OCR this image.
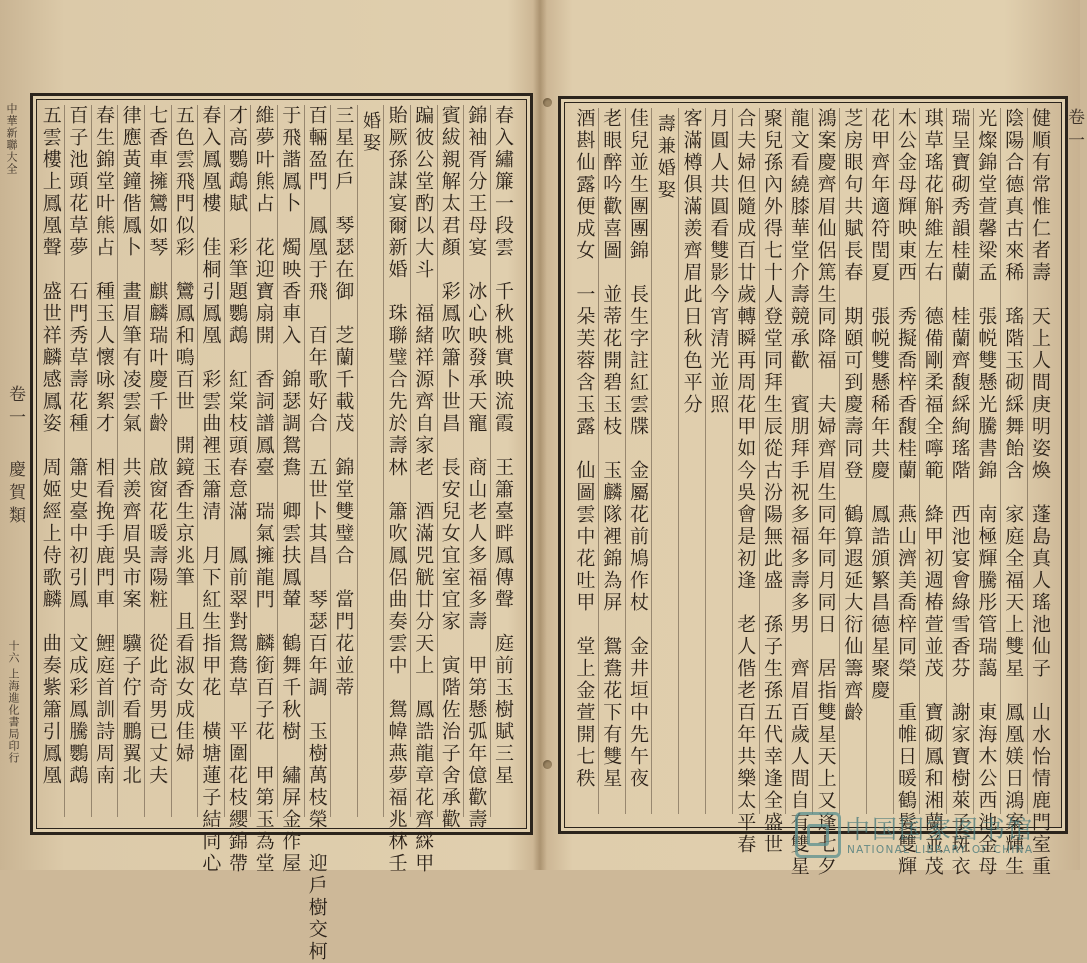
中華新聯大全
卷一
慶賀類
十六
上海進化書局印行	春入繡簾一段雲　千秋桃實映流霞　王簫臺畔鳳傳聲　庭前玉樹賦三星
錦袖胥分王母宴　冰心映發承天寵　商山老人多福多壽　甲第懸弧年億歡壽
賓紱親解太君顏　彩鳳吹簫卜世昌　長安兒女宜室宜家　寅階佐治子舍承歡
蹁彼公堂酌以大斗　福緒祥源齊自家老　酒滿兕觥廿分天上　鳳誥龍章花齊綵甲
貽厥孫謀宴爾新婚　珠聯璧合先於壽林　簫吹鳳侶曲奏雲中　鴛幃燕夢福兆林壬
婚娶
三星在戶　琴瑟在御　芝蘭千載茂　錦堂雙璧合　當門花並蒂
百輛盈門　鳳凰于飛　百年歌好合　五世卜其昌　琴瑟百年調　玉樹萬枝榮　迎戶樹交柯
于飛諧鳳卜　燭映香車入　錦瑟調鴛鴦　卿雲扶鳳輦　鶴舞千秋樹　繡屏金作屋
維夢叶熊占　花迎寶扇開　香詞譜鳳臺　瑞氣擁龍門　麟銜百子花　甲第玉為堂
才高鸚鵡賦　彩筆題鸚鵡　紅棠枝頭春意滿　鳳前翠對鴛鴦草　平圍花枝纓錦帶
春入鳳凰樓　佳桐引鳳凰　彩雲曲裡玉簫清　月下紅生指甲花　橫塘蓮子結同心
五色雲飛門似彩　鸞鳳和鳴百世　開鏡香生京兆筆　且看淑女成佳婦
七香車擁鸞如琴　麒麟瑞叶慶千齡　啟窗花暖壽陽粧　從此奇男已丈夫
律應黃鐘偕鳳卜　畫眉筆有凌雲氣　共羨齊眉吳市案　驥子佇看鵬翼北
春生錦堂叶熊占　種玉人懷咏絮才　相看挽手鹿門車　鯉庭首訓詩周南
百子池頭花草夢　石門秀草壽花種　簫史臺中初引鳳　文成彩鳳騰鸚鵡
五雲樓上鳳凰聲　盛世祥麟感鳳姿　周姬經上侍歌麟　曲奏紫簫引鳳凰	卷一
健順有常惟仁者壽　天上人間庚明姿煥　蓬島真人瑤池仙子　山水怡情鹿門室重
陰陽合德真古來稀　瑤階玉砌綵舞飴含　家庭全福天上雙星　鳳凰媄日鴻案輝生
光燦錦堂萱馨梁孟　張帨雙懸光騰書錦　南極輝騰彤管瑞藹　東海木公西池金母
瑞呈寶砌秀韻桂蘭　桂蘭齊馥綵絢瑤階　西池宴會綠雪香芬　謝家寶樹萊子斑衣
琪草瑤花斛維左右　德備剛柔福全嚀範　絳甲初週椿萱並茂　寶砌鳳和湘蘭並茂
木公金母輝映東西　秀擬喬梓香馥桂蘭　燕山濟美喬梓同榮　重帷日暖鶴髮雙輝
花甲齊年適符閏夏　張帨雙懸稀年共慶　鳳誥頒繁昌德星聚慶
芝房眼句共賦長春　期頤可到慶壽同登　鶴算遐延大衍仙籌齊齡
鴻案慶齊眉仙侶篤生同降福　夫婦齊眉生同年同月同日　居指雙星天上又逢七夕
龍文看繞膝華堂介壽競承歡　賓朋拜手祝多福多壽多男　齊眉百歲人間自有雙星
聚兒孫內外得七十人登堂同拜生辰從古汾陽無此盛　孫子生孫五代幸逢全盛世
合夫婦但隨成百廿歲轉瞬再周花甲如今吳會是初逢　老人偕老百年共樂太平春
月圓人共圓看雙影今宵清光並照
客滿樽俱滿羨齊眉此日秋色平分
壽兼婚娶
佳兒並生團團錦　長生字註紅雲牒　金屬花前鳩作杖　金井垣中先午夜
老眼醉吟歡喜圖　並蒂花開碧玉枝　玉麟隊裡錦為屏　鴛鴦花下有雙星
酒斟仙露便成女　一朵芙蓉含玉露　仙圖雲中花吐甲　堂上金萱開七秩
中国国家图书馆
NATIONAL LIBRARY OF CHINA
